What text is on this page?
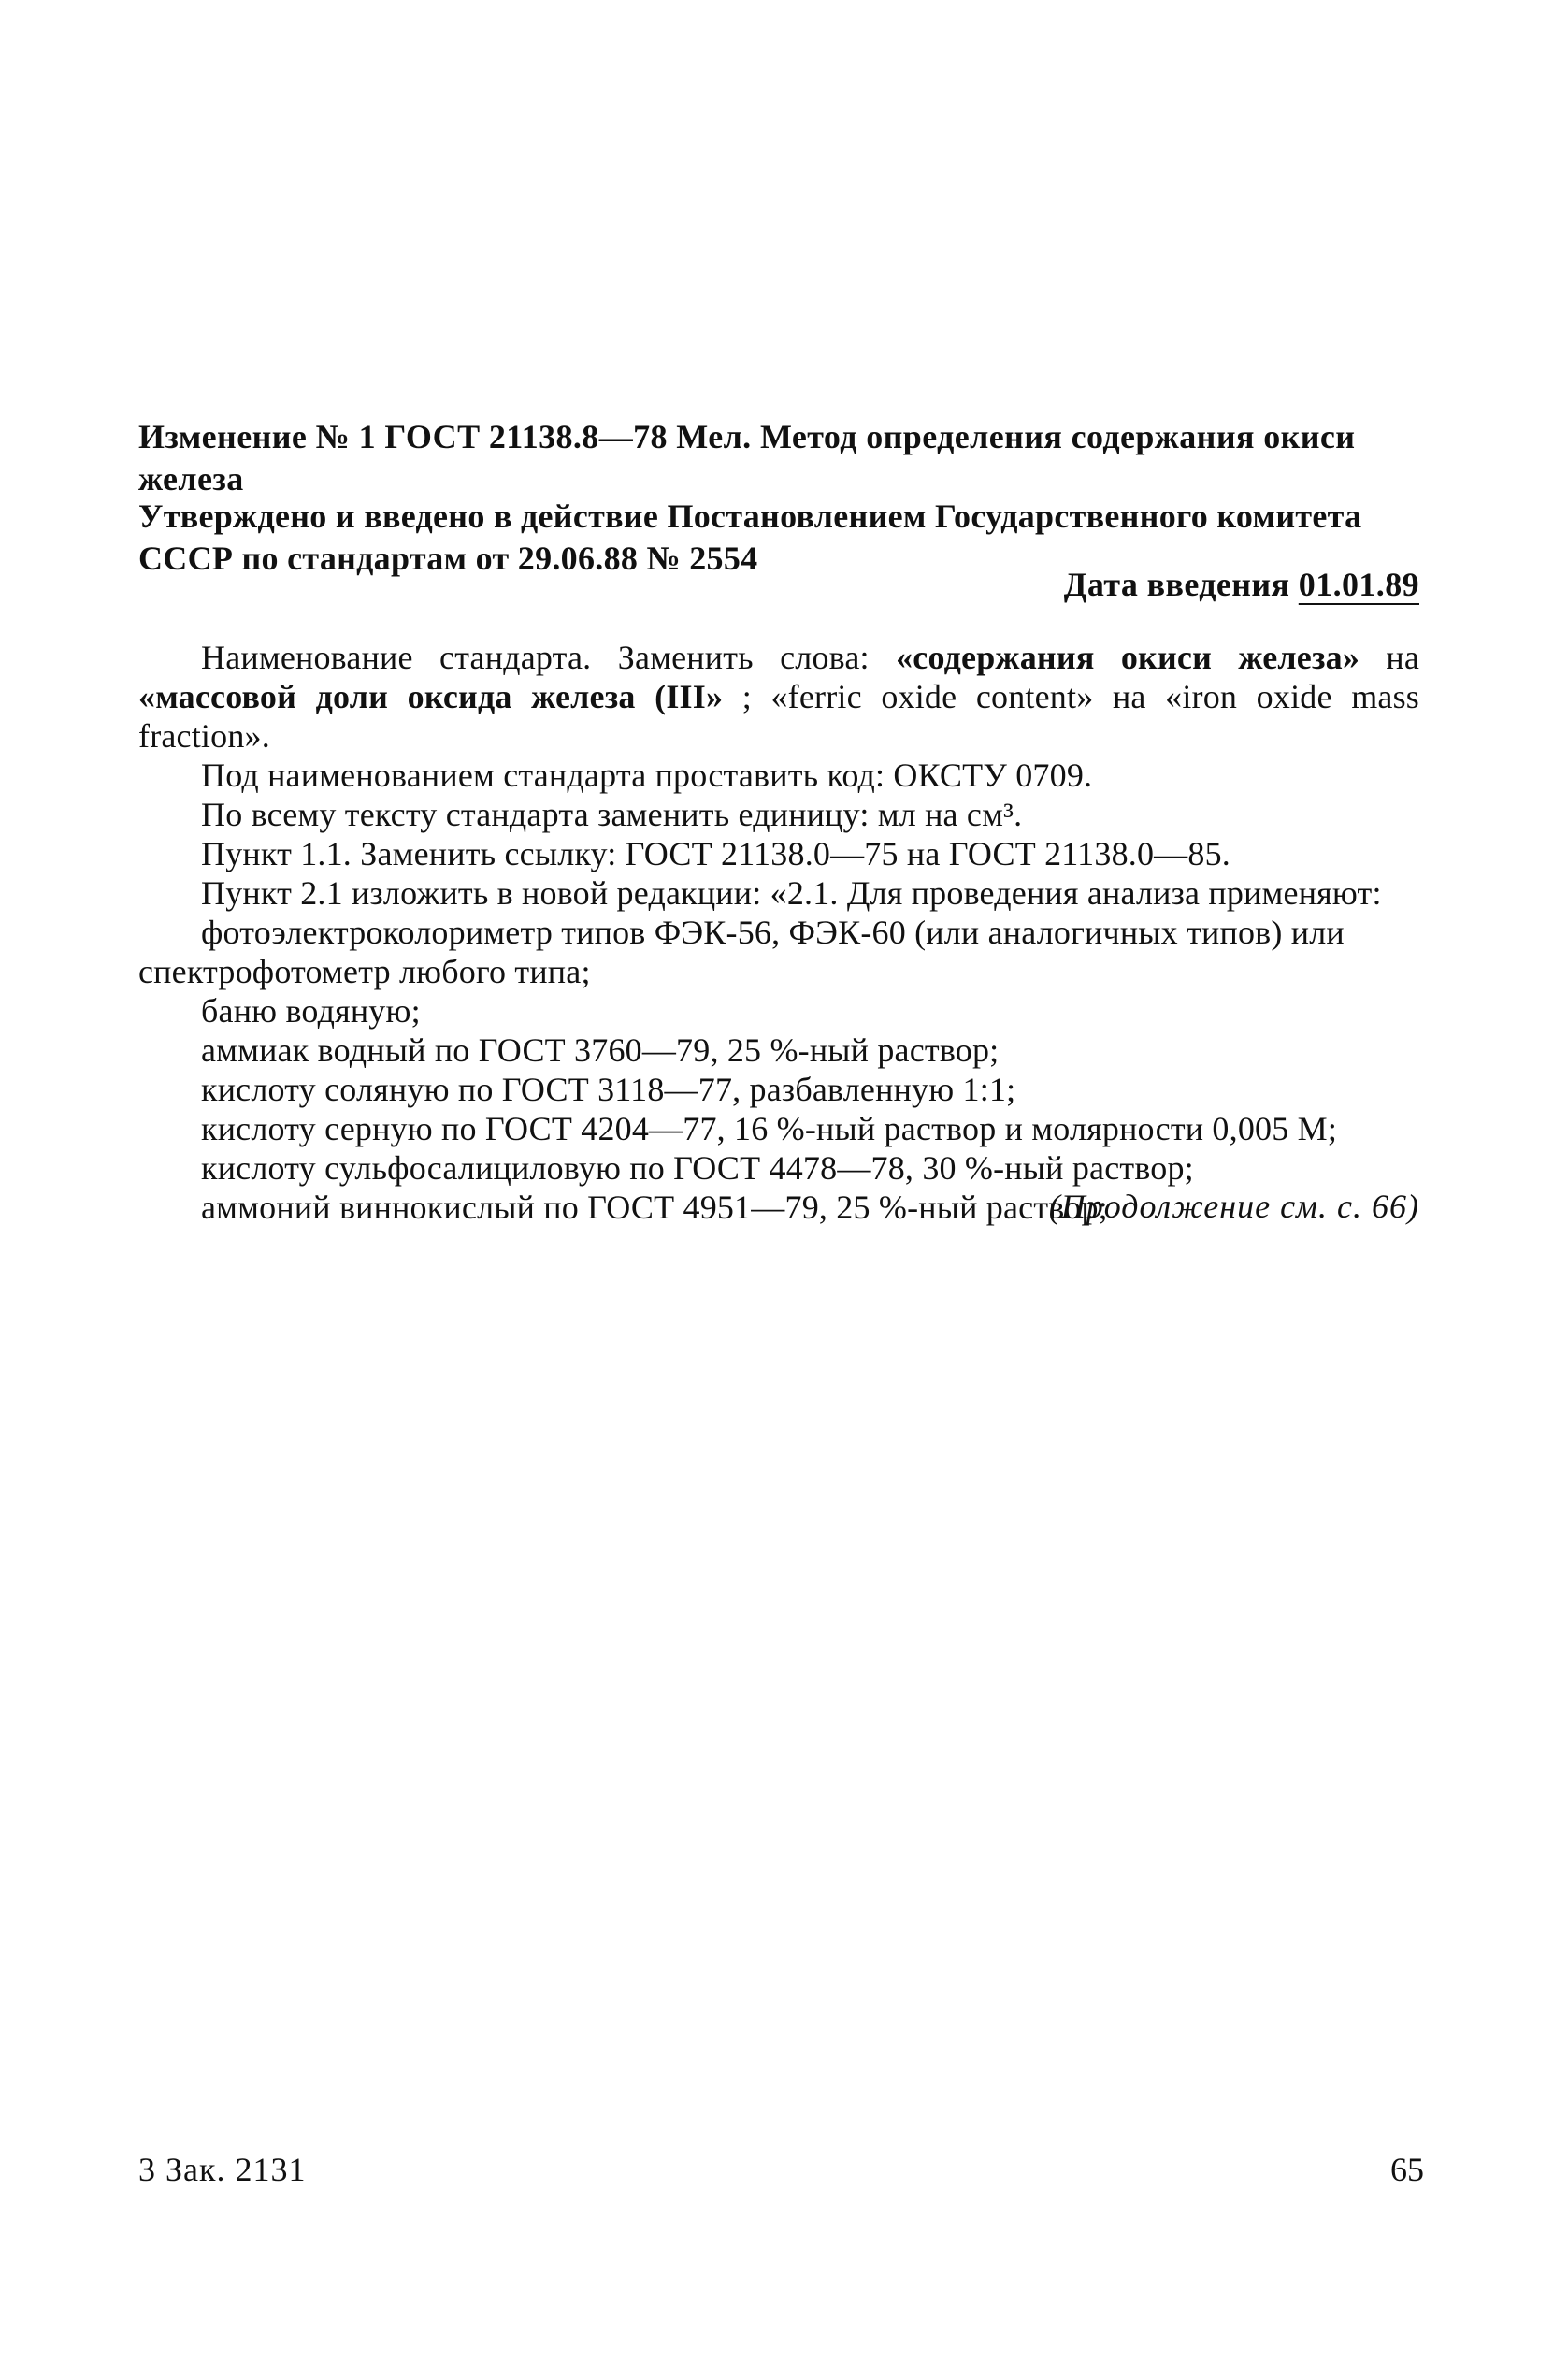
Изменение № 1 ГОСТ 21138.8—78 Мел. Метод определения содержания окиси железа
Утверждено и введено в действие Постановлением Государственного комитета СССР по стандартам от 29.06.88 № 2554
Дата введения 01.01.89

Наименование стандарта. Заменить слова: «содержания окиси железа» на «массовой доли оксида железа (III» ; «ferric oxide content» на «iron oxide mass fraction».

Под наименованием стандарта проставить код: ОКСТУ 0709.

По всему тексту стандарта заменить единицу: мл на см³.

Пункт 1.1. Заменить ссылку: ГОСТ 21138.0—75 на ГОСТ 21138.0—85.

Пункт 2.1 изложить в новой редакции: «2.1. Для проведения анализа применяют:

фотоэлектроколориметр типов ФЭК-56, ФЭК-60 (или аналогичных типов) или спектрофотометр любого типа;

баню водяную;

аммиак водный по ГОСТ 3760—79, 25 %-ный раствор;

кислоту соляную по ГОСТ 3118—77, разбавленную 1:1;

кислоту серную по ГОСТ 4204—77, 16 %-ный раствор и молярности 0,005 М;

кислоту сульфосалициловую по ГОСТ 4478—78, 30 %-ный раствор;

аммоний виннокислый по ГОСТ 4951—79, 25 %-ный раствор;

(Продолжение см. с. 66)
3 Зак. 2131	65
